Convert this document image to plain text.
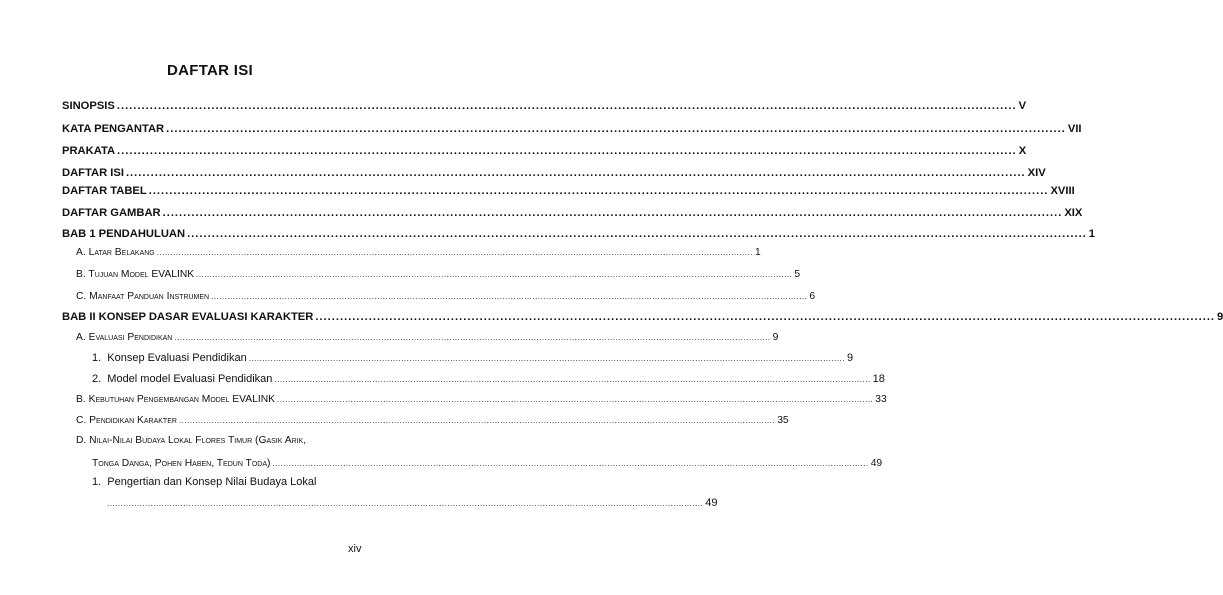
DAFTAR ISI
SINOPSIS ........................................................................................................................................................................................................................... V
KATA PENGANTAR ........................................................................................................................................................................................................................... VII
PRAKATA ........................................................................................................................................................................................................................... X
DAFTAR ISI ........................................................................................................................................................................................................................... XIV
DAFTAR TABEL ........................................................................................................................................................................................................................... XVIII
DAFTAR GAMBAR ........................................................................................................................................................................................................................... XIX
BAB 1 PENDAHULUAN ........................................................................................................................................................................................................................... 1
A. Latar Belakang ........................................................................................................................................................................................................................... 1
B. Tujuan Model EVALINK ........................................................................................................................................................................................................................... 5
C. Manfaat Panduan Instrumen ........................................................................................................................................................................................................................... 6
BAB II KONSEP DASAR EVALUASI KARAKTER ........................................................................................................................................................................................................................... 9
A. Evaluasi Pendidikan ........................................................................................................................................................................................................................... 9
1.  Konsep Evaluasi Pendidikan ........................................................................................................................................................................................................................... 9
2.  Model model Evaluasi Pendidikan ........................................................................................................................................................................................................................... 18
B. Kebutuhan Pengembangan Model EVALINK ........................................................................................................................................................................................................................... 33
C. Pendidikan Karakter ........................................................................................................................................................................................................................... 35
D. Nilai-Nilai Budaya Lokal Flores Timur (Gasik Arik,
Tonga Danga, Pohen Haben, Tedun Toda) ........................................................................................................................................................................................................................... 49
1.  Pengertian dan Konsep Nilai Budaya Lokal
........................................................................................................................................................................................................................... 49
xiv
